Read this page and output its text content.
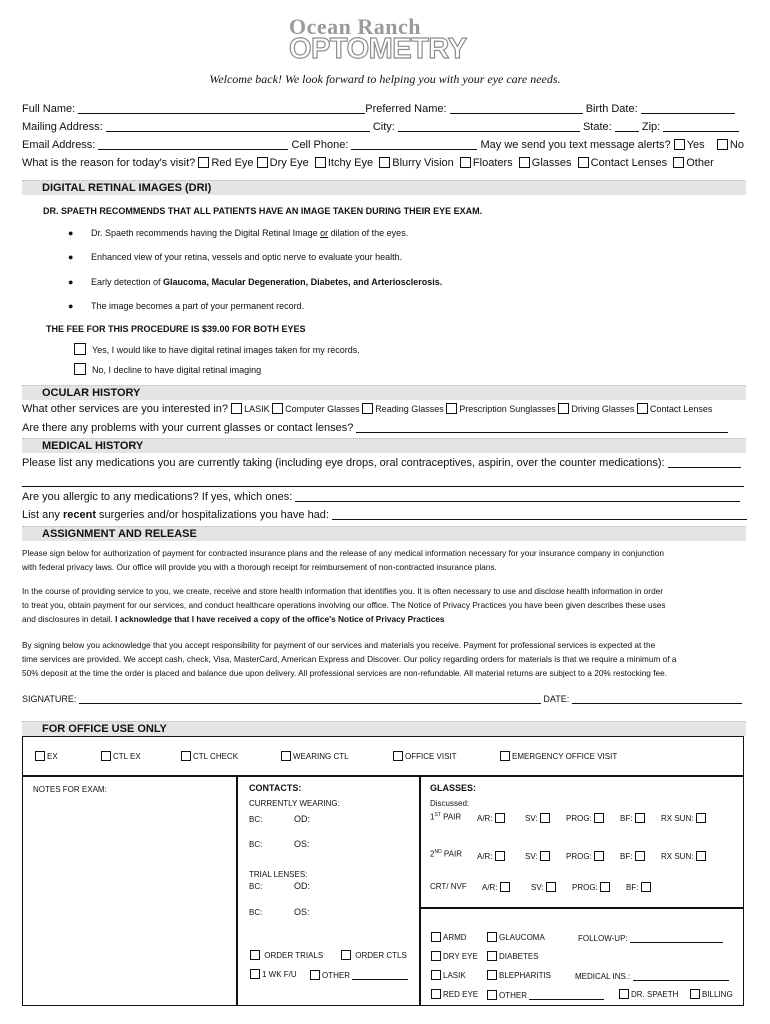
Ocean Ranch
OPTOMETRY
Welcome back! We look forward to helping you with your eye care needs.
Full Name:	Preferred Name:	Birth Date:
Mailing Address:	City:	State:	Zip:
Email Address:	Cell Phone:	May we send you text message alerts? Yes No
What is the reason for today's visit? Red Eye Dry Eye Itchy Eye Blurry Vision Floaters Glasses Contact Lenses Other
DIGITAL RETINAL IMAGES (DRI)
DR. SPAETH RECOMMENDS THAT ALL PATIENTS HAVE AN IMAGE TAKEN DURING THEIR EYE EXAM.
● Dr. Spaeth recommends having the Digital Retinal Image or dilation of the eyes.
● Enhanced view of your retina, vessels and optic nerve to evaluate your health.
● Early detection of Glaucoma, Macular Degeneration, Diabetes, and Arteriosclerosis.
● The image becomes a part of your permanent record.
THE FEE FOR THIS PROCEDURE IS $39.00 FOR BOTH EYES
Yes, I would like to have digital retinal images taken for my records.
No, I decline to have digital retinal imaging
OCULAR HISTORY
What other services are you interested in? LASIK Computer Glasses Reading Glasses Prescription Sunglasses Driving Glasses Contact Lenses
Are there any problems with your current glasses or contact lenses?
MEDICAL HISTORY
Please list any medications you are currently taking (including eye drops, oral contraceptives, aspirin, over the counter medications):
Are you allergic to any medications? If yes, which ones:
List any recent surgeries and/or hospitalizations you have had:
ASSIGNMENT AND RELEASE
Please sign below for authorization of payment for contracted insurance plans and the release of any medical information necessary for your insurance company in conjunction
with federal privacy laws. Our office will provide you with a thorough receipt for reimbursement of non-contracted insurance plans.
In the course of providing service to you, we create, receive and store health information that identifies you. It is often necessary to use and disclose health information in order
to treat you, obtain payment for our services, and conduct healthcare operations involving our office. The Notice of Privacy Practices you have been given describes these uses
and disclosures in detail. I acknowledge that I have received a copy of the office's Notice of Privacy Practices
By signing below you acknowledge that you accept responsibility for payment of our services and materials you receive. Payment for professional services is expected at the
time services are provided. We accept cash, check, Visa, MasterCard, American Express and Discover. Our policy regarding orders for materials is that we require a minimum of a
50% deposit at the time the order is placed and balance due upon delivery. All professional services are non-refundable. All material returns are subject to a 20% restocking fee.
SIGNATURE:	DATE:
FOR OFFICE USE ONLY
EX	CTL EX	CTL CHECK	WEARING CTL	OFFICE VISIT	EMERGENCY OFFICE VISIT
NOTES FOR EXAM:	CONTACTS:
CURRENTLY WEARING:
BC:	OD:
BC:	OS:
TRIAL LENSES:
BC:	OD:
BC:	OS:
ORDER TRIALS	ORDER CTLS
1 WK F/U	OTHER
GLASSES:
Discussed:
1ST PAIR A/R:	SV:	PROG:	BF:	RX SUN:
2ND PAIR A/R:	SV:	PROG:	BF:	RX SUN:
CRT/ NVF A/R:	SV:	PROG:	BF:
ARMD	GLAUCOMA	FOLLOW-UP:
DRY EYE	DIABETES
LASIK	BLEPHARITIS	MEDICAL INS.:
RED EYE	OTHER	DR. SPAETH	BILLING
